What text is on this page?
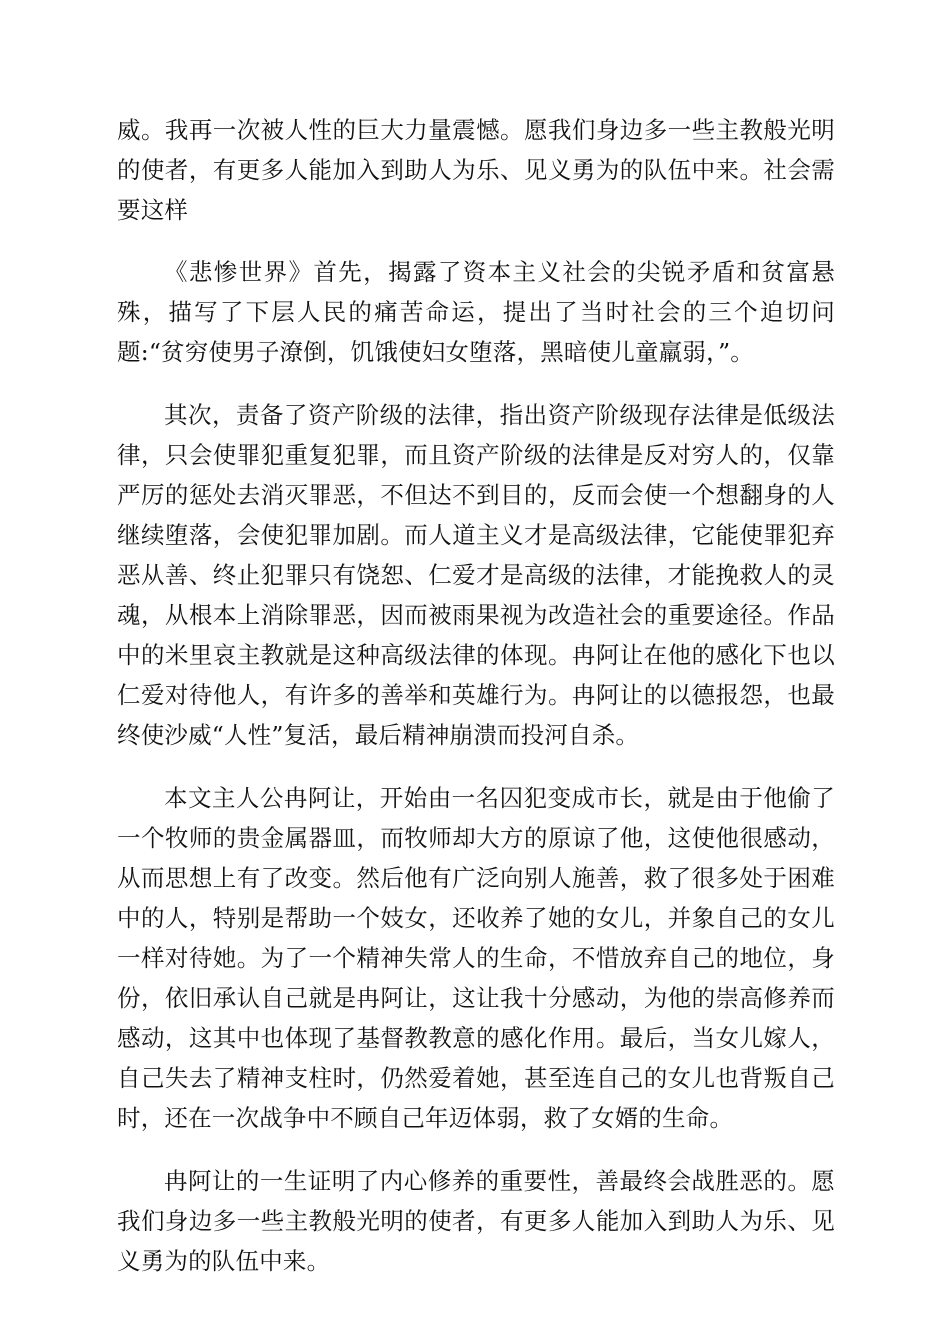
威。我再一次被人性的巨大力量震憾。愿我们身边多一些主教般光明的使者，有更多人能加入到助人为乐、见义勇为的队伍中来。社会需要这样

《悲惨世界》首先，揭露了资本主义社会的尖锐矛盾和贫富悬殊，描写了下层人民的痛苦命运，提出了当时社会的三个迫切问题:“贫穷使男子潦倒，饥饿使妇女堕落，黑暗使儿童羸弱，”。

其次，责备了资产阶级的法律，指出资产阶级现存法律是低级法律，只会使罪犯重复犯罪，而且资产阶级的法律是反对穷人的，仅靠严厉的惩处去消灭罪恶，不但达不到目的，反而会使一个想翻身的人继续堕落，会使犯罪加剧。而人道主义才是高级法律，它能使罪犯弃恶从善、终止犯罪只有饶恕、仁爱才是高级的法律，才能挽救人的灵魂，从根本上消除罪恶，因而被雨果视为改造社会的重要途径。作品中的米里哀主教就是这种高级法律的体现。冉阿让在他的感化下也以仁爱对待他人，有许多的善举和英雄行为。冉阿让的以德报怨，也最终使沙威“人性”复活，最后精神崩溃而投河自杀。

本文主人公冉阿让，开始由一名囚犯变成市长，就是由于他偷了一个牧师的贵金属器皿，而牧师却大方的原谅了他，这使他很感动，从而思想上有了改变。然后他有广泛向别人施善，救了很多处于困难中的人，特别是帮助一个妓女，还收养了她的女儿，并象自己的女儿一样对待她。为了一个精神失常人的生命，不惜放弃自己的地位，身份，依旧承认自己就是冉阿让，这让我十分感动，为他的崇高修养而感动，这其中也体现了基督教教意的感化作用。最后，当女儿嫁人，自己失去了精神支柱时，仍然爱着她，甚至连自己的女儿也背叛自己时，还在一次战争中不顾自己年迈体弱，救了女婿的生命。

冉阿让的一生证明了内心修养的重要性，善最终会战胜恶的。愿我们身边多一些主教般光明的使者，有更多人能加入到助人为乐、见义勇为的队伍中来。
